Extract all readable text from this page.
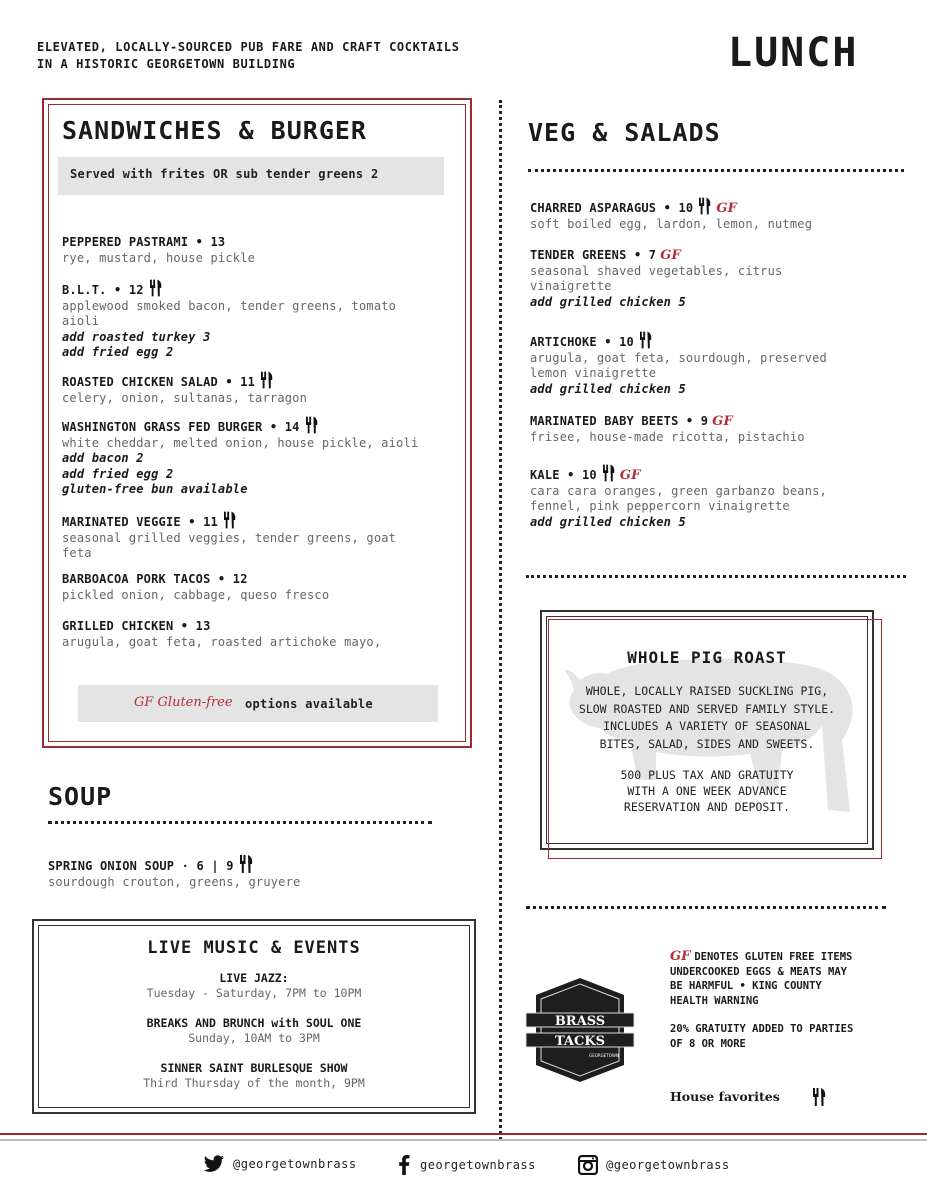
ELEVATED, LOCALLY-SOURCED PUB FARE AND CRAFT COCKTAILS
IN A HISTORIC GEORGETOWN BUILDING	LUNCH
SANDWICHES & BURGER
Served with frites OR sub tender greens 2
PEPPERED PASTRAMI • 13
rye, mustard, house pickle
B.L.T. • 12
applewood smoked bacon, tender greens, tomato
aioli
add roasted turkey 3
add fried egg 2
ROASTED CHICKEN SALAD • 11
celery, onion, sultanas, tarragon
WASHINGTON GRASS FED BURGER • 14
white cheddar, melted onion, house pickle, aioli
add bacon 2
add fried egg 2
gluten-free bun available
MARINATED VEGGIE • 11
seasonal grilled veggies, tender greens, goat
feta
BARBOACOA PORK TACOS • 12
pickled onion, cabbage, queso fresco
GRILLED CHICKEN • 13
arugula, goat feta, roasted artichoke mayo,
GF Gluten-free options available
VEG & SALADS
CHARRED ASPARAGUS • 10 GF
soft boiled egg, lardon, lemon, nutmeg
TENDER GREENS • 7 GF
seasonal shaved vegetables, citrus
vinaigrette
add grilled chicken 5
ARTICHOKE • 10
arugula, goat feta, sourdough, preserved
lemon vinaigrette
add grilled chicken 5
MARINATED BABY BEETS • 9 GF
frisee, house-made ricotta, pistachio
KALE • 10 GF
cara cara oranges, green garbanzo beans,
fennel, pink peppercorn vinaigrette
add grilled chicken 5
WHOLE PIG ROAST
WHOLE, LOCALLY RAISED SUCKLING PIG,
SLOW ROASTED AND SERVED FAMILY STYLE.
INCLUDES A VARIETY OF SEASONAL
BITES, SALAD, SIDES AND SWEETS.
500 PLUS TAX AND GRATUITY
WITH A ONE WEEK ADVANCE
RESERVATION AND DEPOSIT.
SOUP
SPRING ONION SOUP · 6 | 9
sourdough crouton, greens, gruyere
LIVE MUSIC & EVENTS
LIVE JAZZ:
Tuesday - Saturday, 7PM to 10PM
BREAKS AND BRUNCH with SOUL ONE
Sunday, 10AM to 3PM
SINNER SAINT BURLESQUE SHOW
Third Thursday of the month, 9PM
BRASS
TACKS
GEORGETOWN
GF DENOTES GLUTEN FREE ITEMS
UNDERCOOKED EGGS & MEATS MAY
BE HARMFUL • KING COUNTY
HEALTH WARNING
20% GRATUITY ADDED TO PARTIES
OF 8 OR MORE
House favorites
@georgetownbrass	georgetownbrass	@georgetownbrass
